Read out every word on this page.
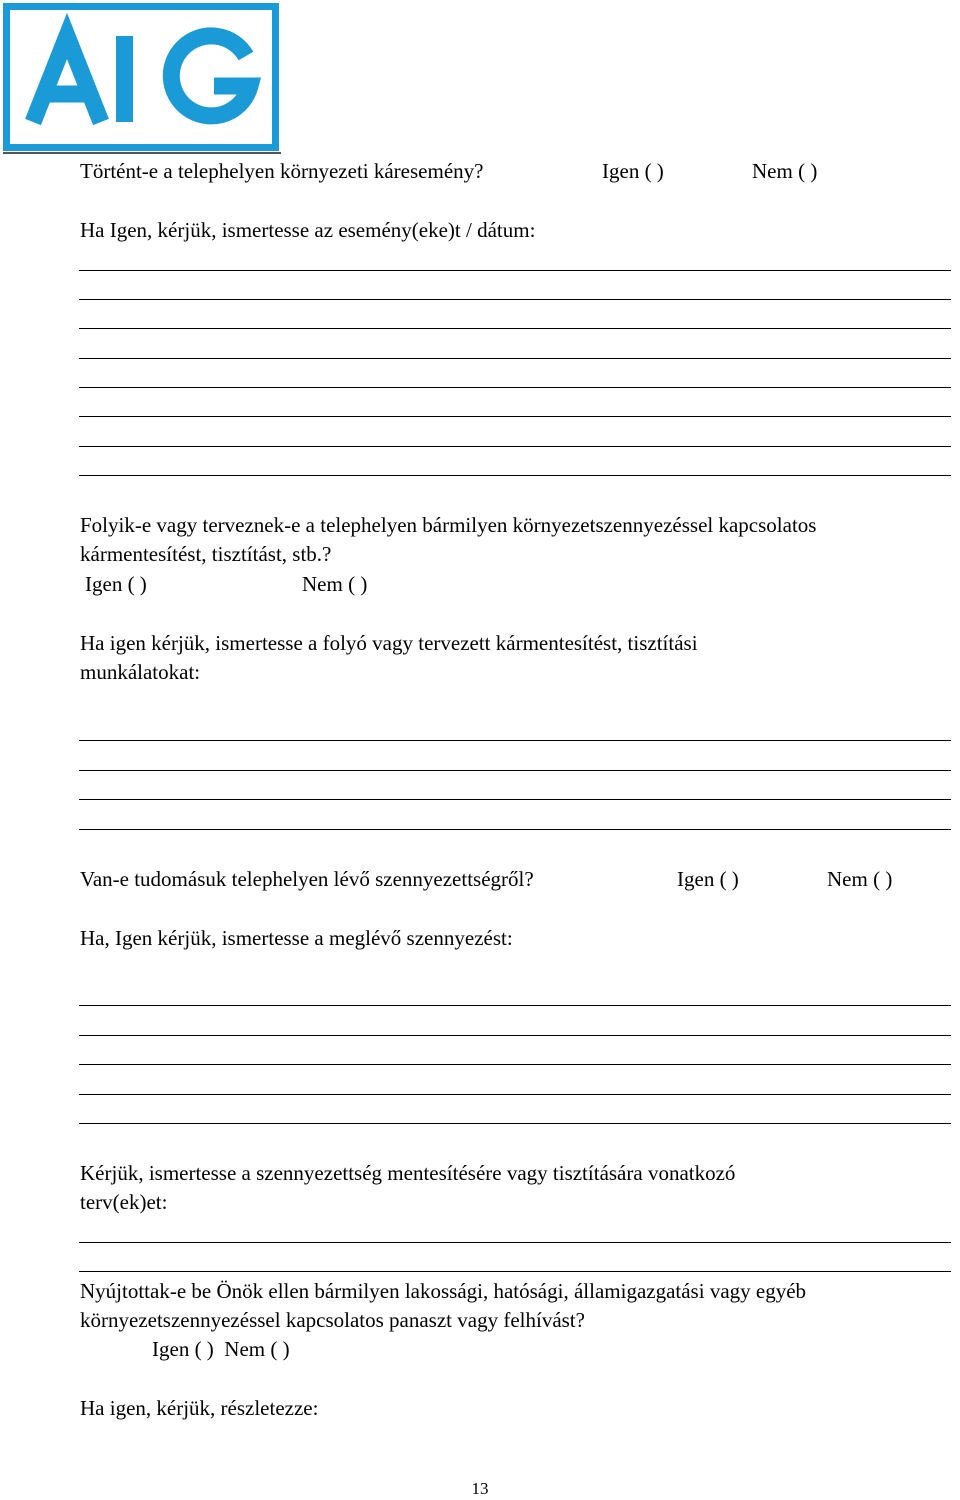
Történt-e a telephelyen környezeti káresemény?	Igen ( )	Nem ( )
Ha Igen, kérjük, ismertesse az esemény(eke)t / dátum:
Folyik-e vagy terveznek-e a telephelyen bármilyen környezetszennyezéssel kapcsolatos
kármentesítést, tisztítást, stb.?
Igen ( )	Nem ( )
Ha igen kérjük, ismertesse a folyó vagy tervezett kármentesítést, tisztítási
munkálatokat:
Van-e tudomásuk telephelyen lévő szennyezettségről?	Igen ( )	Nem ( )
Ha, Igen kérjük, ismertesse a meglévő szennyezést:
Kérjük, ismertesse a szennyezettség mentesítésére vagy tisztítására vonatkozó
terv(ek)et:
Nyújtottak-e be Önök ellen bármilyen lakossági, hatósági, államigazgatási vagy egyéb
környezetszennyezéssel kapcsolatos panaszt vagy felhívást?
Igen ( )  Nem ( )
Ha igen, kérjük, részletezze:
13
